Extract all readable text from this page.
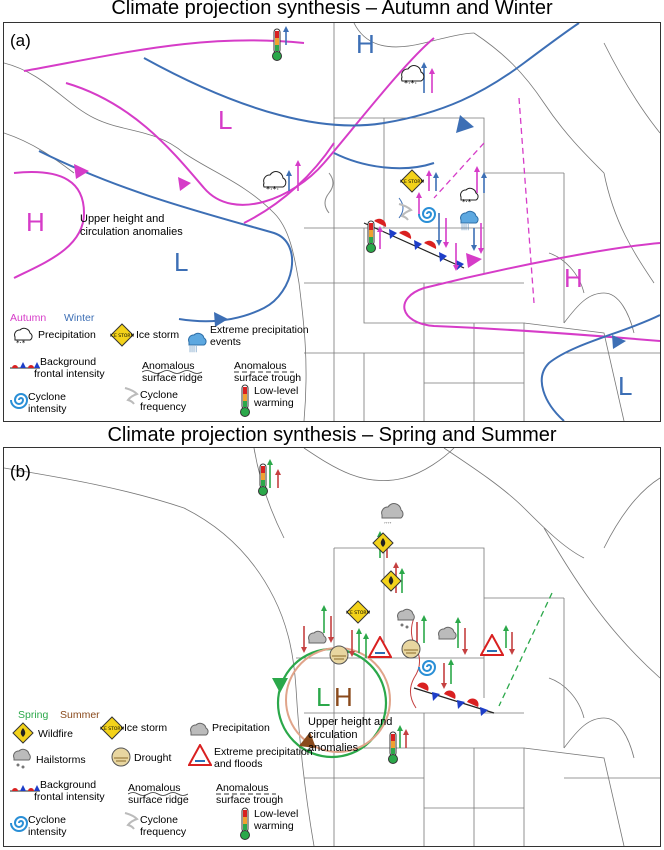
Climate projection synthesis – Autumn and Winter
(a)	H
L
H
L
H
L
Upper height and circulation anomalies
*·*·
*·*·
*·*
ICE STORM
||||
Autumn Winter
*·*
Precipitation	ICE STORM Ice storm
||||
Extreme precipitation events
Background
frontal intensity
Anomalous
surface ridge
Anomalous
surface trough
Cyclone
intensity
Cyclone
frequency
Low-level
warming
Climate projection synthesis – Spring and Summer
(b)
L H
Upper height and circulation anomalies
,,,,
ICE STORM
Spring Summer
Wildfire	ICE STORM Ice storm	Precipitation
Hailstorms	Drought	Extreme precipitation
and floods
Background
frontal intensity
Anomalous
surface ridge
Anomalous
surface trough
Cyclone
intensity
Cyclone
frequency
Low-level
warming
